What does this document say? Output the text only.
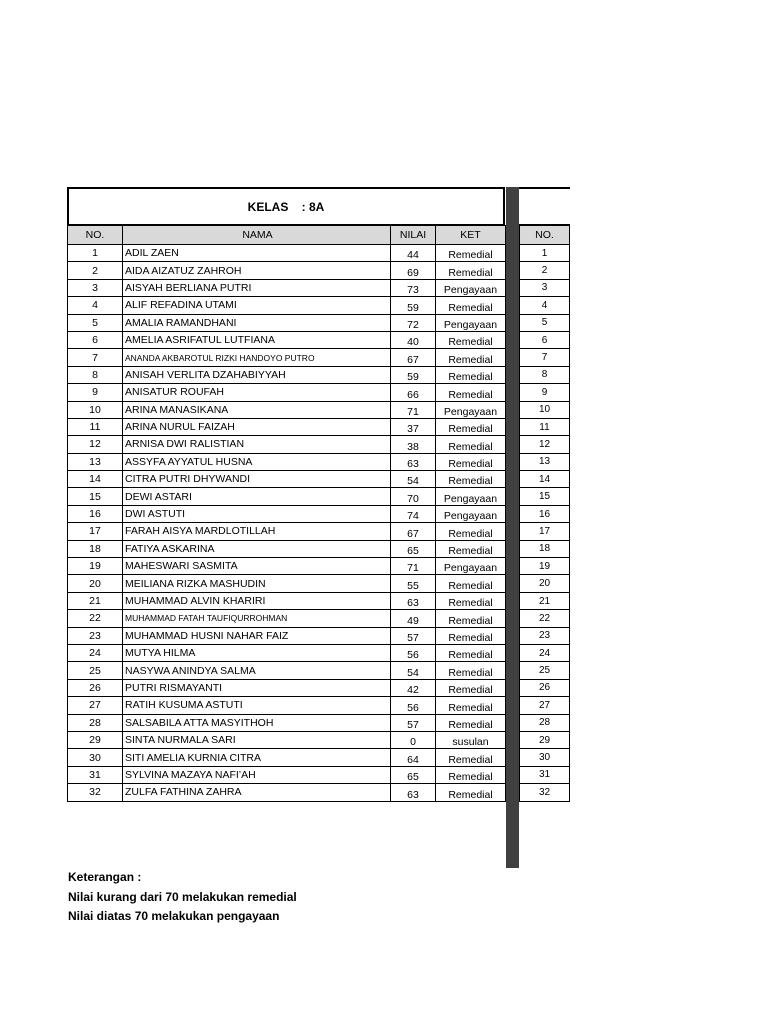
KELAS
: 8A
NO.	NAMA	NILAI	KET
1	ADIL ZAEN	44	Remedial
2	AIDA AIZATUZ ZAHROH	69	Remedial
3	AISYAH BERLIANA PUTRI	73	Pengayaan
4	ALIF REFADINA UTAMI	59	Remedial
5	AMALIA RAMANDHANI	72	Pengayaan
6	AMELIA ASRIFATUL LUTFIANA	40	Remedial
7	ANANDA AKBAROTUL RIZKI HANDOYO PUTRO	67	Remedial
8	ANISAH VERLITA DZAHABIYYAH	59	Remedial
9	ANISATUR ROUFAH	66	Remedial
10	ARINA MANASIKANA	71	Pengayaan
11	ARINA NURUL FAIZAH	37	Remedial
12	ARNISA DWI RALISTIAN	38	Remedial
13	ASSYFA AYYATUL HUSNA	63	Remedial
14	CITRA PUTRI DHYWANDI	54	Remedial
15	DEWI ASTARI	70	Pengayaan
16	DWI ASTUTI	74	Pengayaan
17	FARAH AISYA MARDLOTILLAH	67	Remedial
18	FATIYA ASKARINA	65	Remedial
19	MAHESWARI SASMITA	71	Pengayaan
20	MEILIANA RIZKA MASHUDIN	55	Remedial
21	MUHAMMAD ALVIN KHARIRI	63	Remedial
22	MUHAMMAD FATAH TAUFIQURROHMAN	49	Remedial
23	MUHAMMAD HUSNI NAHAR FAIZ	57	Remedial
24	MUTYA HILMA	56	Remedial
25	NASYWA ANINDYA SALMA	54	Remedial
26	PUTRI RISMAYANTI	42	Remedial
27	RATIH KUSUMA ASTUTI	56	Remedial
28	SALSABILA ATTA MASYITHOH	57	Remedial
29	SINTA NURMALA SARI	0	susulan
30	SITI AMELIA KURNIA CITRA	64	Remedial
31	SYLVINA MAZAYA NAFI’AH	65	Remedial
32	ZULFA FATHINA ZAHRA	63	Remedial
NO.
1
2
3
4
5
6
7
8
9
10
11
12
13
14
15
16
17
18
19
20
21
22
23
24
25
26
27
28
29
30
31
32
Keterangan :
Nilai kurang dari 70 melakukan remedial
Nilai diatas 70 melakukan pengayaan
